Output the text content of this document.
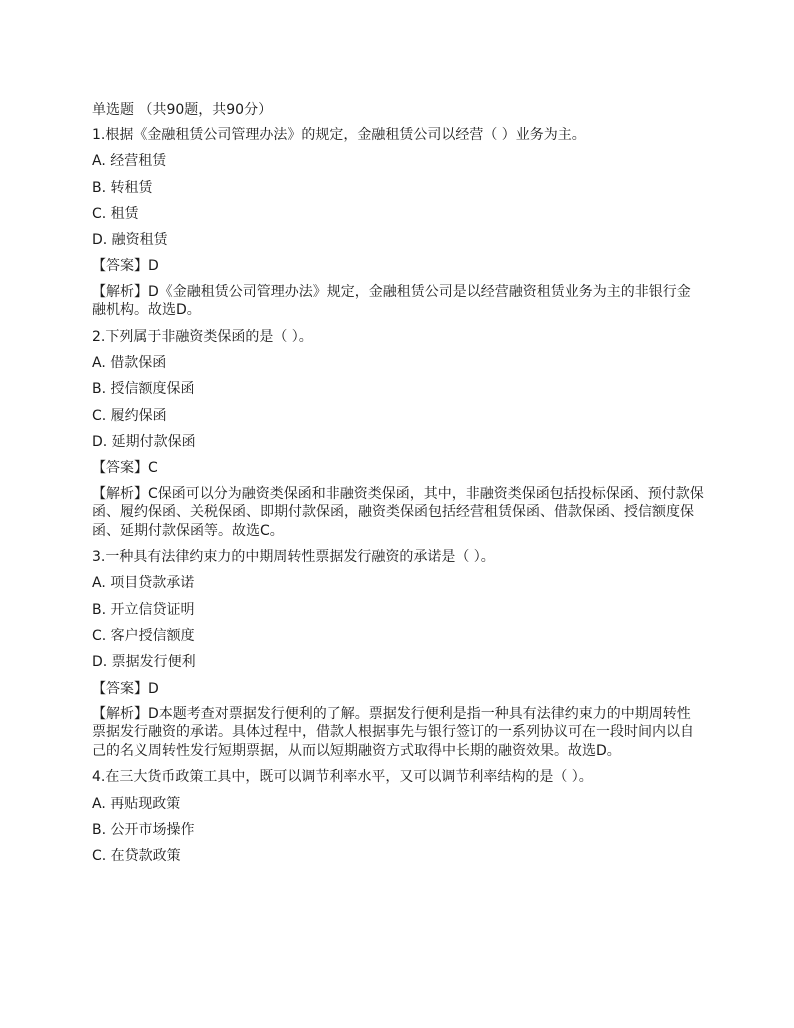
单选题 （共90题，共90分）
1.根据《金融租赁公司管理办法》的规定，金融租赁公司以经营（ ）业务为主。
A. 经营租赁
B. 转租赁
C. 租赁
D. 融资租赁
【答案】D
【解析】D《金融租赁公司管理办法》规定，金融租赁公司是以经营融资租赁业务为主的非银行金融机构。故选D。
2.下列属于非融资类保函的是（ ）。
A. 借款保函
B. 授信额度保函
C. 履约保函
D. 延期付款保函
【答案】C
【解析】C保函可以分为融资类保函和非融资类保函，其中，非融资类保函包括投标保函、预付款保函、履约保函、关税保函、即期付款保函，融资类保函包括经营租赁保函、借款保函、授信额度保函、延期付款保函等。故选C。
3.一种具有法律约束力的中期周转性票据发行融资的承诺是（ ）。
A. 项目贷款承诺
B. 开立信贷证明
C. 客户授信额度
D. 票据发行便利
【答案】D
【解析】D本题考查对票据发行便利的了解。票据发行便利是指一种具有法律约束力的中期周转性票据发行融资的承诺。具体过程中，借款人根据事先与银行签订的一系列协议可在一段时间内以自己的名义周转性发行短期票据，从而以短期融资方式取得中长期的融资效果。故选D。
4.在三大货币政策工具中，既可以调节利率水平，又可以调节利率结构的是（ ）。
A. 再贴现政策
B. 公开市场操作
C. 在贷款政策
